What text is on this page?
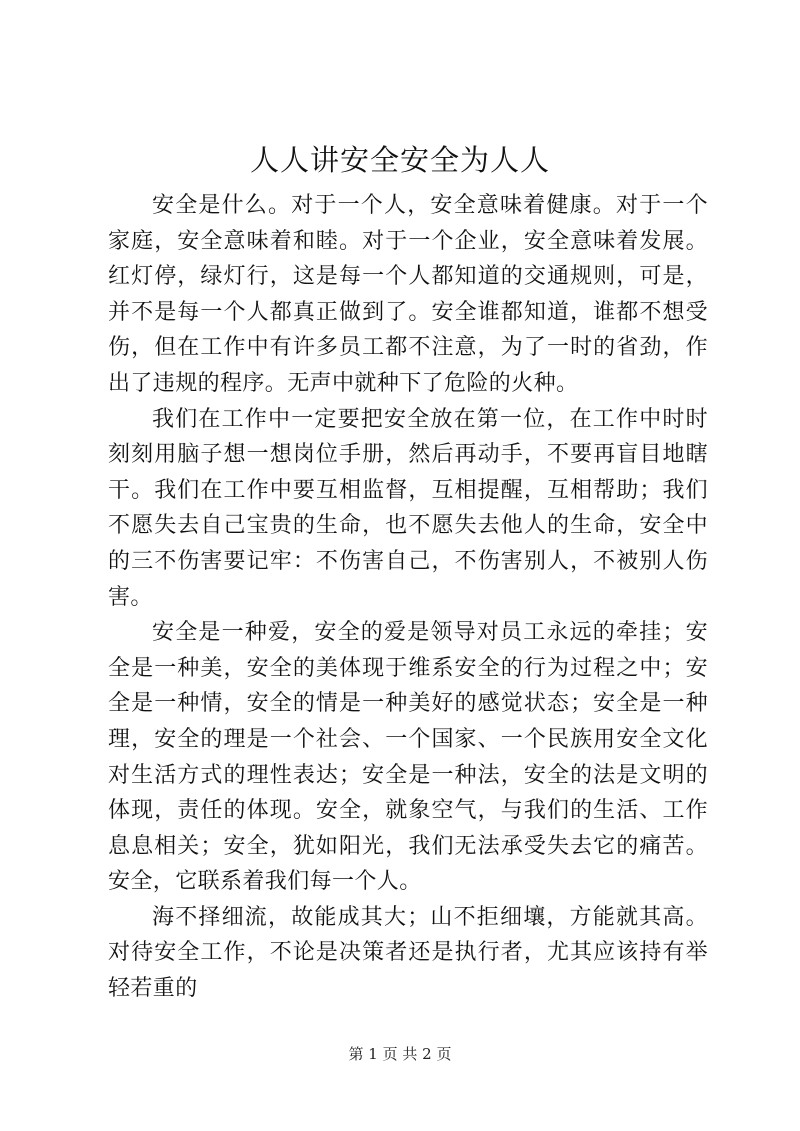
人人讲安全安全为人人

安全是什么。对于一个人，安全意味着健康。对于一个家庭，安全意味着和睦。对于一个企业，安全意味着发展。红灯停，绿灯行，这是每一个人都知道的交通规则，可是，并不是每一个人都真正做到了。安全谁都知道，谁都不想受伤，但在工作中有许多员工都不注意，为了一时的省劲，作出了违规的程序。无声中就种下了危险的火种。

我们在工作中一定要把安全放在第一位，在工作中时时刻刻用脑子想一想岗位手册，然后再动手，不要再盲目地瞎干。我们在工作中要互相监督，互相提醒，互相帮助；我们不愿失去自己宝贵的生命，也不愿失去他人的生命，安全中的三不伤害要记牢：不伤害自己，不伤害别人，不被别人伤害。

安全是一种爱，安全的爱是领导对员工永远的牵挂；安全是一种美，安全的美体现于维系安全的行为过程之中；安全是一种情，安全的情是一种美好的感觉状态；安全是一种理，安全的理是一个社会、一个国家、一个民族用安全文化对生活方式的理性表达；安全是一种法，安全的法是文明的体现，责任的体现。安全，就象空气，与我们的生活、工作息息相关；安全，犹如阳光，我们无法承受失去它的痛苦。安全，它联系着我们每一个人。

海不择细流，故能成其大；山不拒细壤，方能就其高。对待安全工作，不论是决策者还是执行者，尤其应该持有举轻若重的

第 1 页 共 2 页
